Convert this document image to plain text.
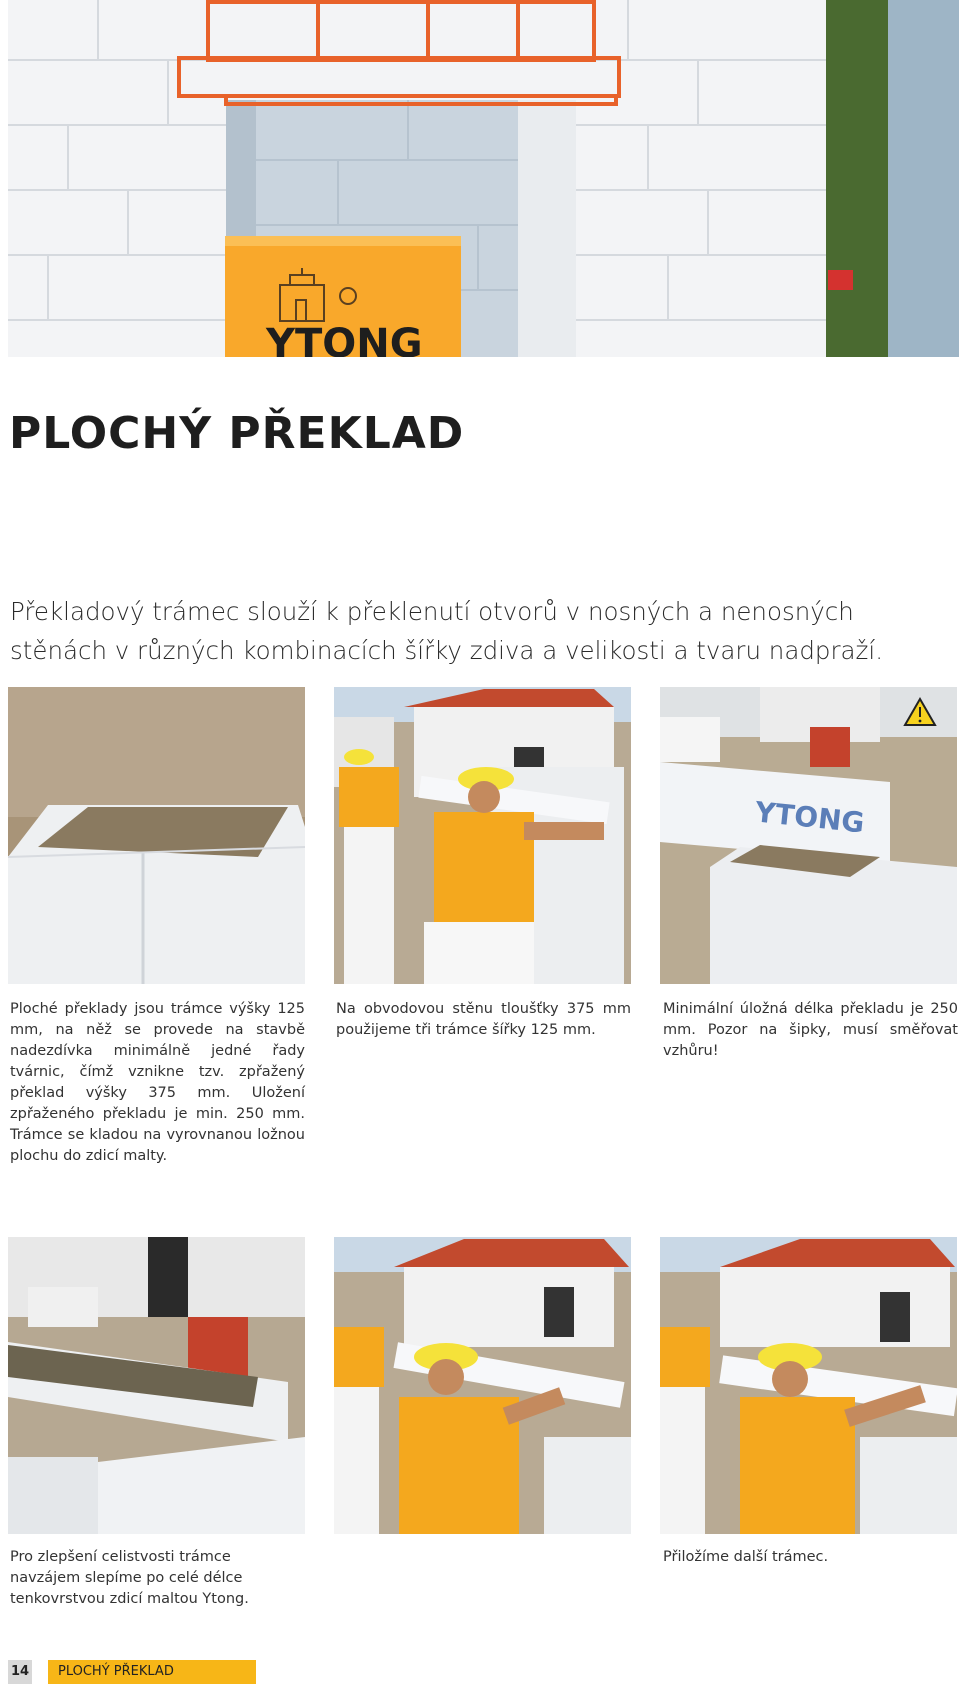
YTONG
PLOCHÝ PŘEKLAD

Překladový trámec slouží k překlenutí otvorů v nosných a nenosných stěnách v různých kombinacích šířky zdiva a velikosti a tvaru nadpraží.

Ploché překlady jsou trámce výšky 125 mm, na něž se provede na stavbě nadezdívka minimálně jedné řady tvárnic, čímž vznikne tzv. zpřažený překlad výšky 375 mm. Uložení zpřaženého překladu je min. 250 mm. Trámce se kladou na vyrovnanou ložnou plochu do zdicí malty.

Na obvodovou stěnu tloušťky 375 mm použijeme tři trámce šířky 125 mm.

YTONG

Minimální úložná délka překladu je 250 mm. Pozor na šipky, musí směřovat vzhůru!

Pro zlepšení celistvosti trámce navzájem slepíme po celé délce tenkovrstvou zdicí maltou Ytong.

Přiložíme další trámec.

14 PLOCHÝ PŘEKLAD
